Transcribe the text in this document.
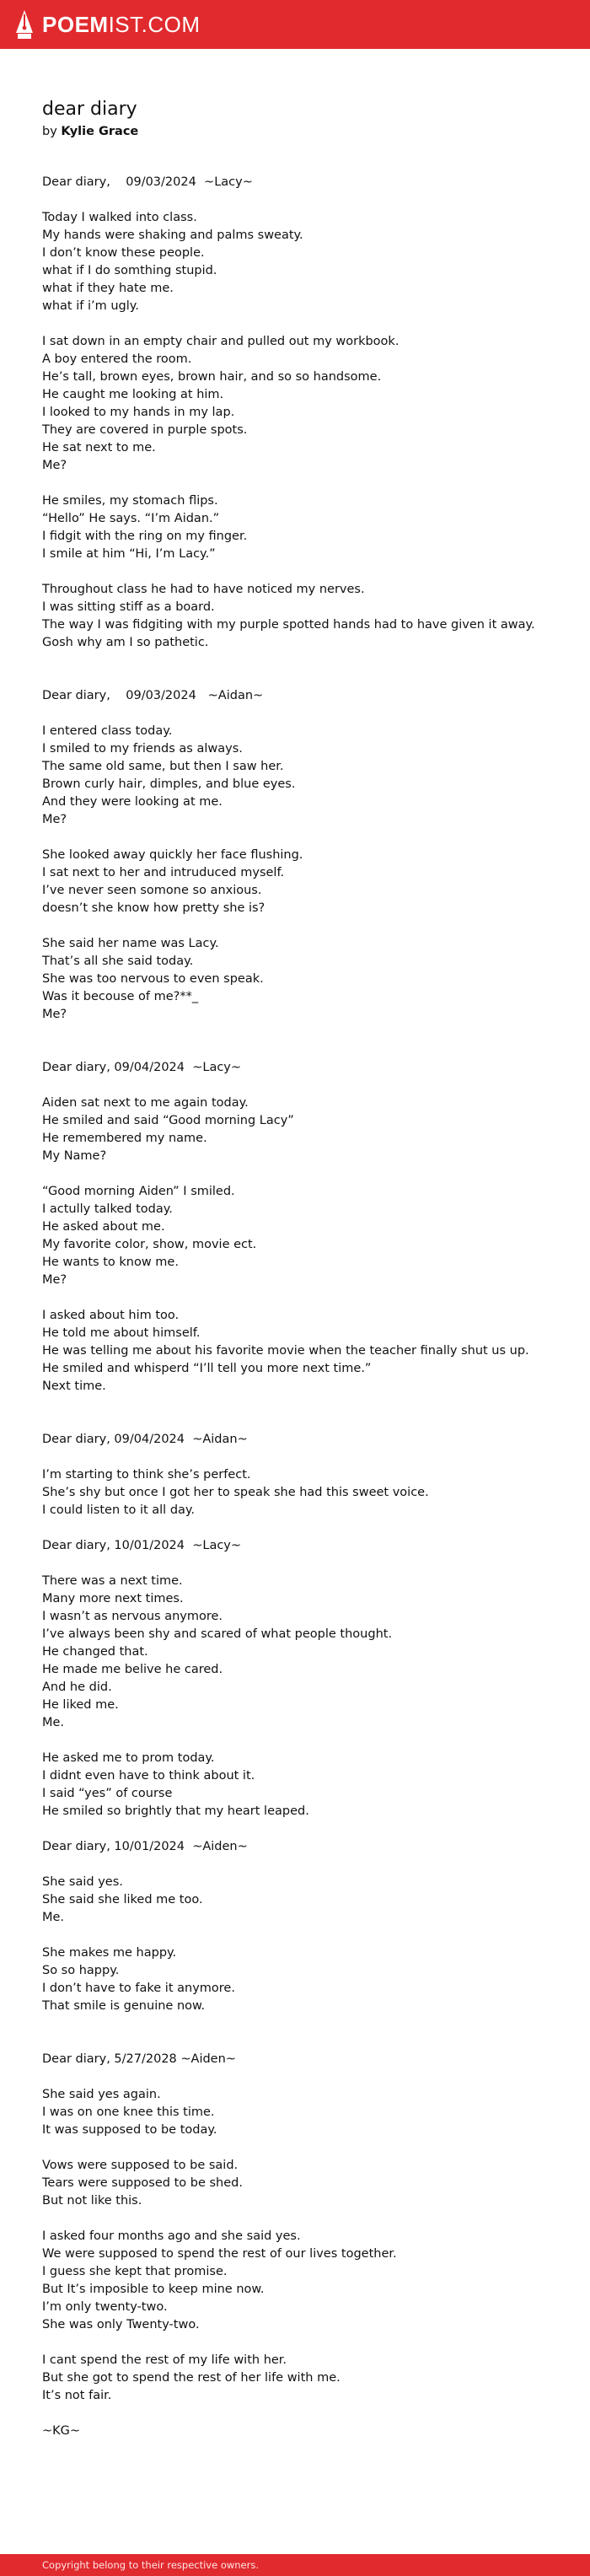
POEMIST.COM
dear diary
by Kylie Grace
Dear diary,    09/03/2024  ~Lacy~

Today I walked into class.
My hands were shaking and palms sweaty.
I don’t know these people.
what if I do somthing stupid.
what if they hate me.
what if i’m ugly.

I sat down in an empty chair and pulled out my workbook.
A boy entered the room.
He’s tall, brown eyes, brown hair, and so so handsome.
He caught me looking at him.
I looked to my hands in my lap.
They are covered in purple spots.
He sat next to me.
Me?

He smiles, my stomach flips.
“Hello” He says. “I’m Aidan.”
I fidgit with the ring on my finger.
I smile at him “Hi, I’m Lacy.”

Throughout class he had to have noticed my nerves.
I was sitting stiff as a board.
The way I was fidgiting with my purple spotted hands had to have given it away.
Gosh why am I so pathetic.

Dear diary,    09/03/2024   ~Aidan~

I entered class today.
I smiled to my friends as always.
The same old same, but then I saw her.
Brown curly hair, dimples, and blue eyes.
And they were looking at me.
Me?

She looked away quickly her face flushing.
I sat next to her and intruduced myself.
I’ve never seen somone so anxious.
doesn’t she know how pretty she is?

She said her name was Lacy.
That’s all she said today.
She was too nervous to even speak.
Was it becouse of me?**_
Me?

Dear diary, 09/04/2024  ~Lacy~

Aiden sat next to me again today.
He smiled and said “Good morning Lacy”
He remembered my name.
My Name?

“Good morning Aiden” I smiled.
I actully talked today.
He asked about me.
My favorite color, show, movie ect.
He wants to know me.
Me?

I asked about him too.
He told me about himself.
He was telling me about his favorite movie when the teacher finally shut us up.
He smiled and whisperd “I’ll tell you more next time.”
Next time.

Dear diary, 09/04/2024  ~Aidan~

I’m starting to think she’s perfect.
She’s shy but once I got her to speak she had this sweet voice.
I could listen to it all day.

Dear diary, 10/01/2024  ~Lacy~

There was a next time.
Many more next times.
I wasn’t as nervous anymore.
I’ve always been shy and scared of what people thought.
He changed that.
He made me belive he cared.
And he did.
He liked me.
Me.

He asked me to prom today.
I didnt even have to think about it.
I said “yes” of course
He smiled so brightly that my heart leaped.

Dear diary, 10/01/2024  ~Aiden~

She said yes.
She said she liked me too.
Me.

She makes me happy.
So so happy.
I don’t have to fake it anymore.
That smile is genuine now.

Dear diary, 5/27/2028 ~Aiden~

She said yes again.
I was on one knee this time.
It was supposed to be today.

Vows were supposed to be said.
Tears were supposed to be shed.
But not like this.

I asked four months ago and she said yes.
We were supposed to spend the rest of our lives together.
I guess she kept that promise.
But It’s imposible to keep mine now.
I’m only twenty-two.
She was only Twenty-two.

I cant spend the rest of my life with her.
But she got to spend the rest of her life with me.
It’s not fair.

~KG~
Copyright belong to their respective owners.
